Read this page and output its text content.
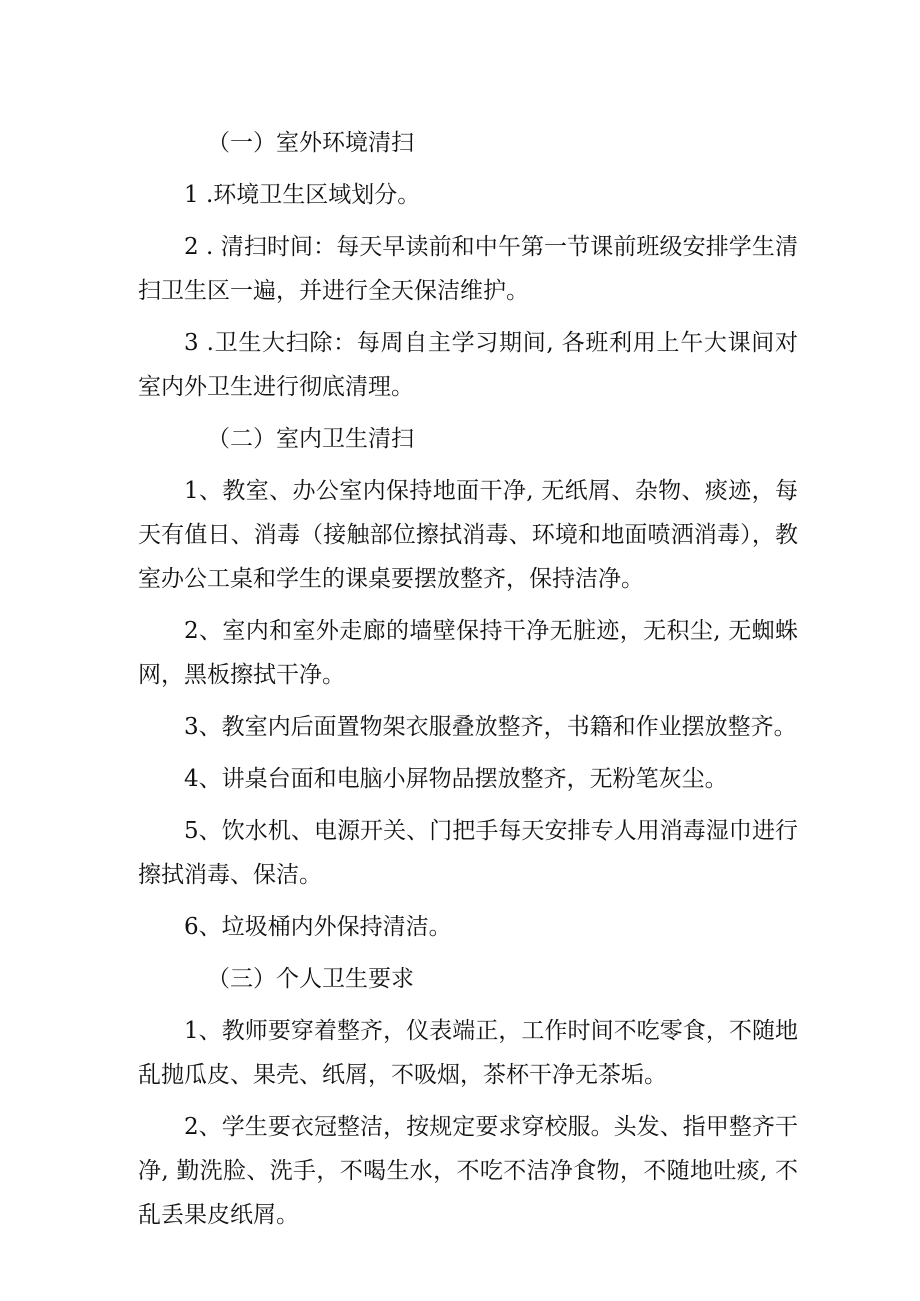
（一）室外环境清扫

1 .环境卫生区域划分。

2 . 清扫时间：每天早读前和中午第一节课前班级安排学生清扫卫生区一遍，并进行全天保洁维护。

3 .卫生大扫除：每周自主学习期间, 各班利用上午大课间对室内外卫生进行彻底清理。

（二）室内卫生清扫

1、教室、办公室内保持地面干净, 无纸屑、杂物、痰迹，每天有值日、消毒（接触部位擦拭消毒、环境和地面喷洒消毒），教室办公工桌和学生的课桌要摆放整齐，保持洁净。

2、室内和室外走廊的墙壁保持干净无脏迹，无积尘, 无蜘蛛网，黑板擦拭干净。

3、教室内后面置物架衣服叠放整齐，书籍和作业摆放整齐。

4、讲桌台面和电脑小屏物品摆放整齐，无粉笔灰尘。

5、饮水机、电源开关、门把手每天安排专人用消毒湿巾进行擦拭消毒、保洁。

6、垃圾桶内外保持清洁。

（三）个人卫生要求

1、教师要穿着整齐，仪表端正，工作时间不吃零食，不随地乱抛瓜皮、果壳、纸屑，不吸烟，茶杯干净无茶垢。

2、学生要衣冠整洁，按规定要求穿校服。头发、指甲整齐干净, 勤洗脸、洗手，不喝生水，不吃不洁净食物，不随地吐痰, 不乱丢果皮纸屑。
